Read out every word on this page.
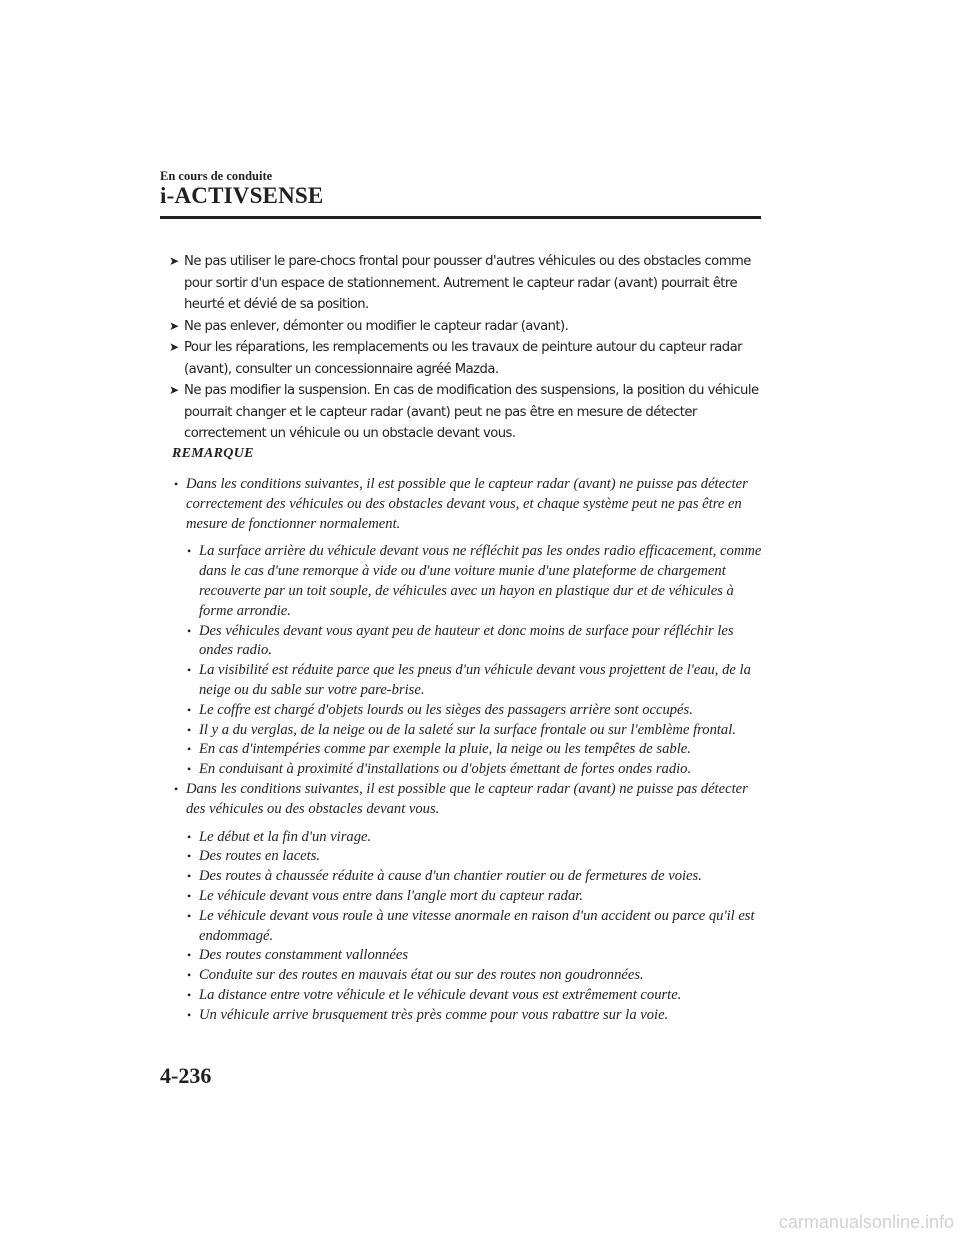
En cours de conduite
i-ACTIVSENSE
➤ Ne pas utiliser le pare-chocs frontal pour pousser d'autres véhicules ou des obstacles comme pour sortir d'un espace de stationnement. Autrement le capteur radar (avant) pourrait être heurté et dévié de sa position.
➤ Ne pas enlever, démonter ou modifier le capteur radar (avant).
➤ Pour les réparations, les remplacements ou les travaux de peinture autour du capteur radar (avant), consulter un concessionnaire agréé Mazda.
➤ Ne pas modifier la suspension. En cas de modification des suspensions, la position du véhicule pourrait changer et le capteur radar (avant) peut ne pas être en mesure de détecter correctement un véhicule ou un obstacle devant vous.
REMARQUE
• Dans les conditions suivantes, il est possible que le capteur radar (avant) ne puisse pas détecter correctement des véhicules ou des obstacles devant vous, et chaque système peut ne pas être en mesure de fonctionner normalement.
• La surface arrière du véhicule devant vous ne réfléchit pas les ondes radio efficacement, comme dans le cas d'une remorque à vide ou d'une voiture munie d'une plateforme de chargement recouverte par un toit souple, de véhicules avec un hayon en plastique dur et de véhicules à forme arrondie.
• Des véhicules devant vous ayant peu de hauteur et donc moins de surface pour réfléchir les ondes radio.
• La visibilité est réduite parce que les pneus d'un véhicule devant vous projettent de l'eau, de la neige ou du sable sur votre pare-brise.
• Le coffre est chargé d'objets lourds ou les sièges des passagers arrière sont occupés.
• Il y a du verglas, de la neige ou de la saleté sur la surface frontale ou sur l'emblème frontal.
• En cas d'intempéries comme par exemple la pluie, la neige ou les tempêtes de sable.
• En conduisant à proximité d'installations ou d'objets émettant de fortes ondes radio.
• Dans les conditions suivantes, il est possible que le capteur radar (avant) ne puisse pas détecter des véhicules ou des obstacles devant vous.
• Le début et la fin d'un virage.
• Des routes en lacets.
• Des routes à chaussée réduite à cause d'un chantier routier ou de fermetures de voies.
• Le véhicule devant vous entre dans l'angle mort du capteur radar.
• Le véhicule devant vous roule à une vitesse anormale en raison d'un accident ou parce qu'il est endommagé.
• Des routes constamment vallonnées
• Conduite sur des routes en mauvais état ou sur des routes non goudronnées.
• La distance entre votre véhicule et le véhicule devant vous est extrêmement courte.
• Un véhicule arrive brusquement très près comme pour vous rabattre sur la voie.
4-236
carmanualsonline.info
